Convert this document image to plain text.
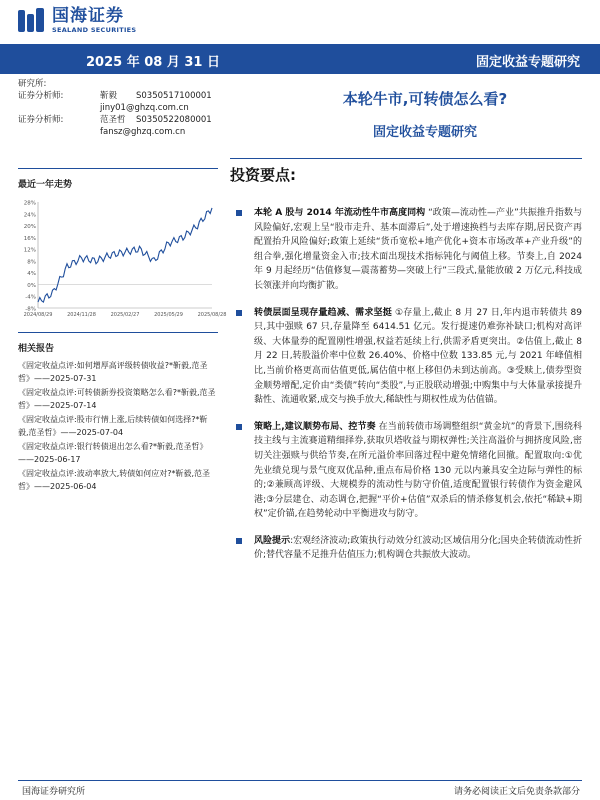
国海证券
SEALAND SECURITIES
2025 年 08 月 31 日	固定收益专题研究
研究所:
证券分析师:	靳毅	S0350517100001
jiny01@ghzq.com.cn
证券分析师:	范圣哲	S0350522080001
fansz@ghzq.com.cn
最近一年走势
28%
24%
20%
16%
12%
8%
4%
0%
-4%
-8%
2024/08/29	2024/11/28	2025/02/27	2025/05/29	2025/08/28
相关报告
《固定收益点评:如何增厚高评级转债收益?*靳毅,范圣哲》——2025-07-31
《固定收益点评:可转债新券投资策略怎么看?*靳毅,范圣哲》——2025-07-14
《固定收益点评:股市行情上涨,后续转债如何选择?*靳毅,范圣哲》——2025-07-04
《固定收益点评:银行转债退出怎么看?*靳毅,范圣哲》——2025-06-17
《固定收益点评:波动率放大,转债如何应对?*靳毅,范圣哲》——2025-06-04
本轮牛市,可转债怎么看?
固定收益专题研究
投资要点:
本轮 A 股与 2014 年流动性牛市高度同构 “政策—流动性—产业”共振推升指数与风险偏好,宏观上呈“股市走升、基本面滞后”,处于增速换档与去库存期,居民资产再配置抬升风险偏好;政策上延续“货币宽松+地产优化+资本市场改革+产业升级”的组合拳,强化增量资金入市;技术面出现技术指标钝化与阈值上移。节奏上,自 2024 年 9 月起经历“估值修复—震荡蓄势—突破上行”三段式,量能放破 2 万亿元,科技成长领涨并向均衡扩散。
转债层面呈现存量趋减、需求坚挺 ①存量上,截止 8 月 27 日,年内退市转债共 89 只,其中强赎 67 只,存量降至 6414.51 亿元。发行提速仍难弥补缺口;机构对高评级、大体量券的配置刚性增强,权益若延续上行,供需矛盾更突出。②估值上,截止 8 月 22 日,转股溢价率中位数 26.40%、价格中位数 133.85 元,与 2021 年峰值相比,当前价格更高而估值更低,属估值中枢上移但仍未到达前高。③受赎上,债券型资金顺势增配,定价由“类债”转向“类股”,与正股联动增强;中购集中与大体量承接提升黏性、流通收紧,成交与换手放大,稀缺性与期权性成为估值锚。
策略上,建议顺势布局、控节奏 在当前转债市场调整组织“黄金坑”的背景下,围绕科技主线与主流赛道精细择券,获取贝塔收益与期权弹性;关注高溢价与拥挤度风险,密切关注强赎与供给节奏,在所元溢价率回落过程中避免情绪化回撤。配置取向:①优先业绩兑现与景气度双优品种,重点布局价格 130 元以内兼具安全边际与弹性的标的;②兼顾高评级、大规模券的流动性与防守价值,适度配置银行转债作为资金避风港;③分层建仓、动态调仓,把握“平价+估值”双杀后的情杀修复机会,依托“稀缺+期权”定价锚,在趋势轮动中平衡进攻与防守。
风险提示:宏观经济波动;政策执行动效分红波动;区域信用分化;国央企转债流动性折价;替代容量不足推升估值压力;机构调仓共振放大波动。
国海证券研究所	请务必阅读正文后免责条款部分
